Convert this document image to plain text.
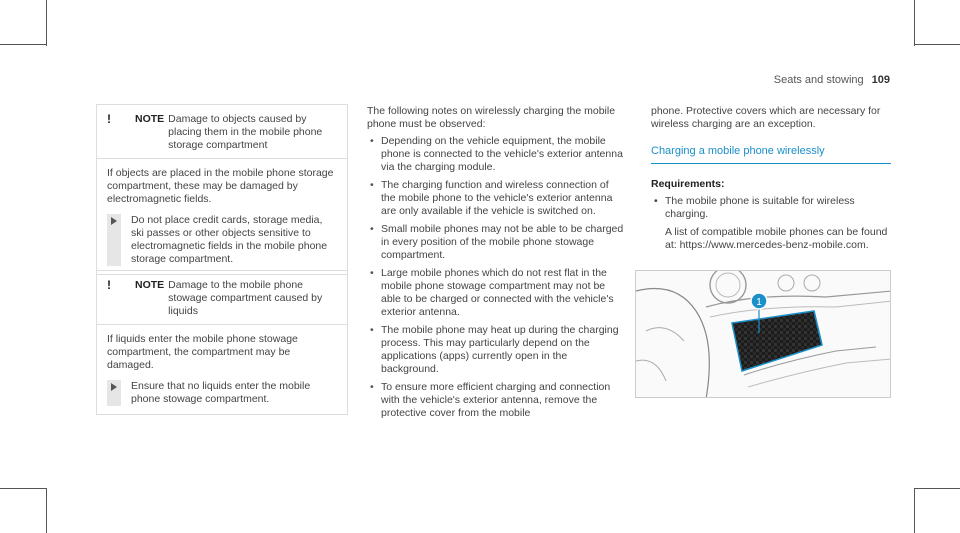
Seats and stowing 109
!	NOTE Damage to objects caused by placing them in the mobile phone storage compartment
If objects are placed in the mobile phone storage compartment, these may be damaged by electromagnetic fields.
Do not place credit cards, storage media, ski passes or other objects sensitive to electromagnetic fields in the mobile phone storage compartment.
!	NOTE Damage to the mobile phone stowage compartment caused by liquids
If liquids enter the mobile phone stowage compartment, the compartment may be damaged.
Ensure that no liquids enter the mobile phone stowage compartment.
The following notes on wirelessly charging the mobile phone must be observed:
• Depending on the vehicle equipment, the mobile phone is connected to the vehicle's exterior antenna via the charging module.
• The charging function and wireless connection of the mobile phone to the vehicle's exterior antenna are only available if the vehicle is switched on.
• Small mobile phones may not be able to be charged in every position of the mobile phone stowage compartment.
• Large mobile phones which do not rest flat in the mobile phone stowage compartment may not be able to be charged or connected with the vehicle's exterior antenna.
• The mobile phone may heat up during the charging process. This may particularly depend on the applications (apps) currently open in the background.
• To ensure more efficient charging and connection with the vehicle's exterior antenna, remove the protective cover from the mobile
phone. Protective covers which are necessary for wireless charging are an exception.
Charging a mobile phone wirelessly
Requirements:
• The mobile phone is suitable for wireless charging.
A list of compatible mobile phones can be found at: https://www.mercedes-benz-mobile.com.
1
